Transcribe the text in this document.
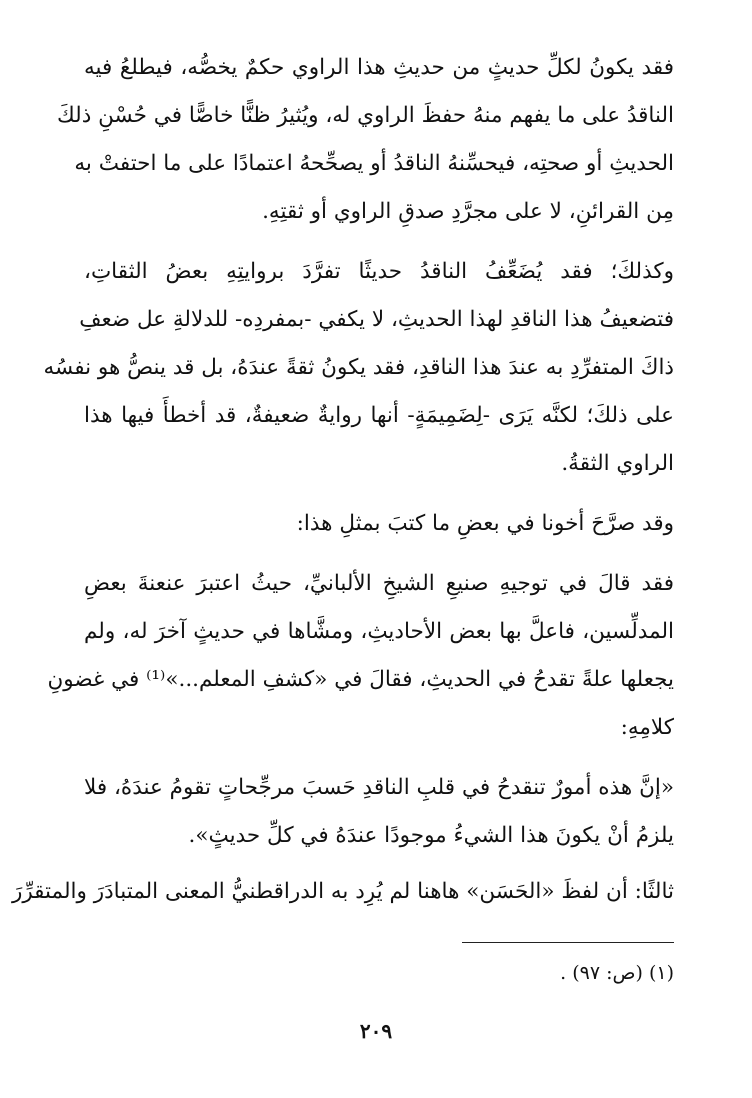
فقد يكونُ لكلِّ حديثٍ من حديثِ هذا الراوي حكمٌ يخصُّه، فيطلعُ فيه
الناقدُ على ما يفهم منهُ حفظَ الراوي له، ويُثيرُ ظنًّا خاصًّا في حُسْنِ ذلكَ
الحديثِ أو صحتِه، فيحسِّنهُ الناقدُ أو يصحِّحهُ اعتمادًا على ما احتفتْ به
مِن القرائنِ، لا على مجرَّدِ صدقِ الراوي أو ثقتِهِ.
وكذلكَ؛ فقد يُضَعِّفُ الناقدُ حديثًا تفرَّدَ بروايتِهِ بعضُ الثقاتِ،
فتضعيفُ هذا الناقدِ لهذا الحديثِ، لا يكفي -بمفردِه- للدلالةِ عل ضعفِ
ذاكَ المتفرِّدِ به عندَ هذا الناقدِ، فقد يكونُ ثقةً عندَهُ، بل قد ينصُّ هو نفسُه
على ذلكَ؛ لكنَّه يَرَى -لِضَمِيمَةٍ- أنها روايةٌ ضعيفةٌ، قد أخطأَ فيها هذا
الراوي الثقةُ.
وقد صرَّحَ أخونا في بعضِ ما كتبَ بمثلِ هذا:
فقد قالَ في توجيهِ صنيعِ الشيخِ الألبانيِّ، حيثُ اعتبرَ عنعنةَ بعضِ
المدلِّسين، فاعلَّ بها بعض الأحاديثِ، ومشَّاها في حديثٍ آخرَ له، ولم
يجعلها علةً تقدحُ في الحديثِ، فقالَ في «كشفِ المعلم...»⁽¹⁾ في غضونِ
كلامِهِ:
«إنَّ هذه أمورٌ تنقدحُ في قلبِ الناقدِ حَسبَ مرجِّحاتٍ تقومُ عندَهُ، فلا
يلزمُ أنْ يكونَ هذا الشيءُ موجودًا عندَهُ في كلِّ حديثٍ».
ثالثًا: أن لفظَ «الحَسَن» هاهنا لم يُرِد به الدراقطنيُّ المعنى المتبادَرَ والمتقرِّرَ
(١) (ص: ٩٧) .
٢٠٩
